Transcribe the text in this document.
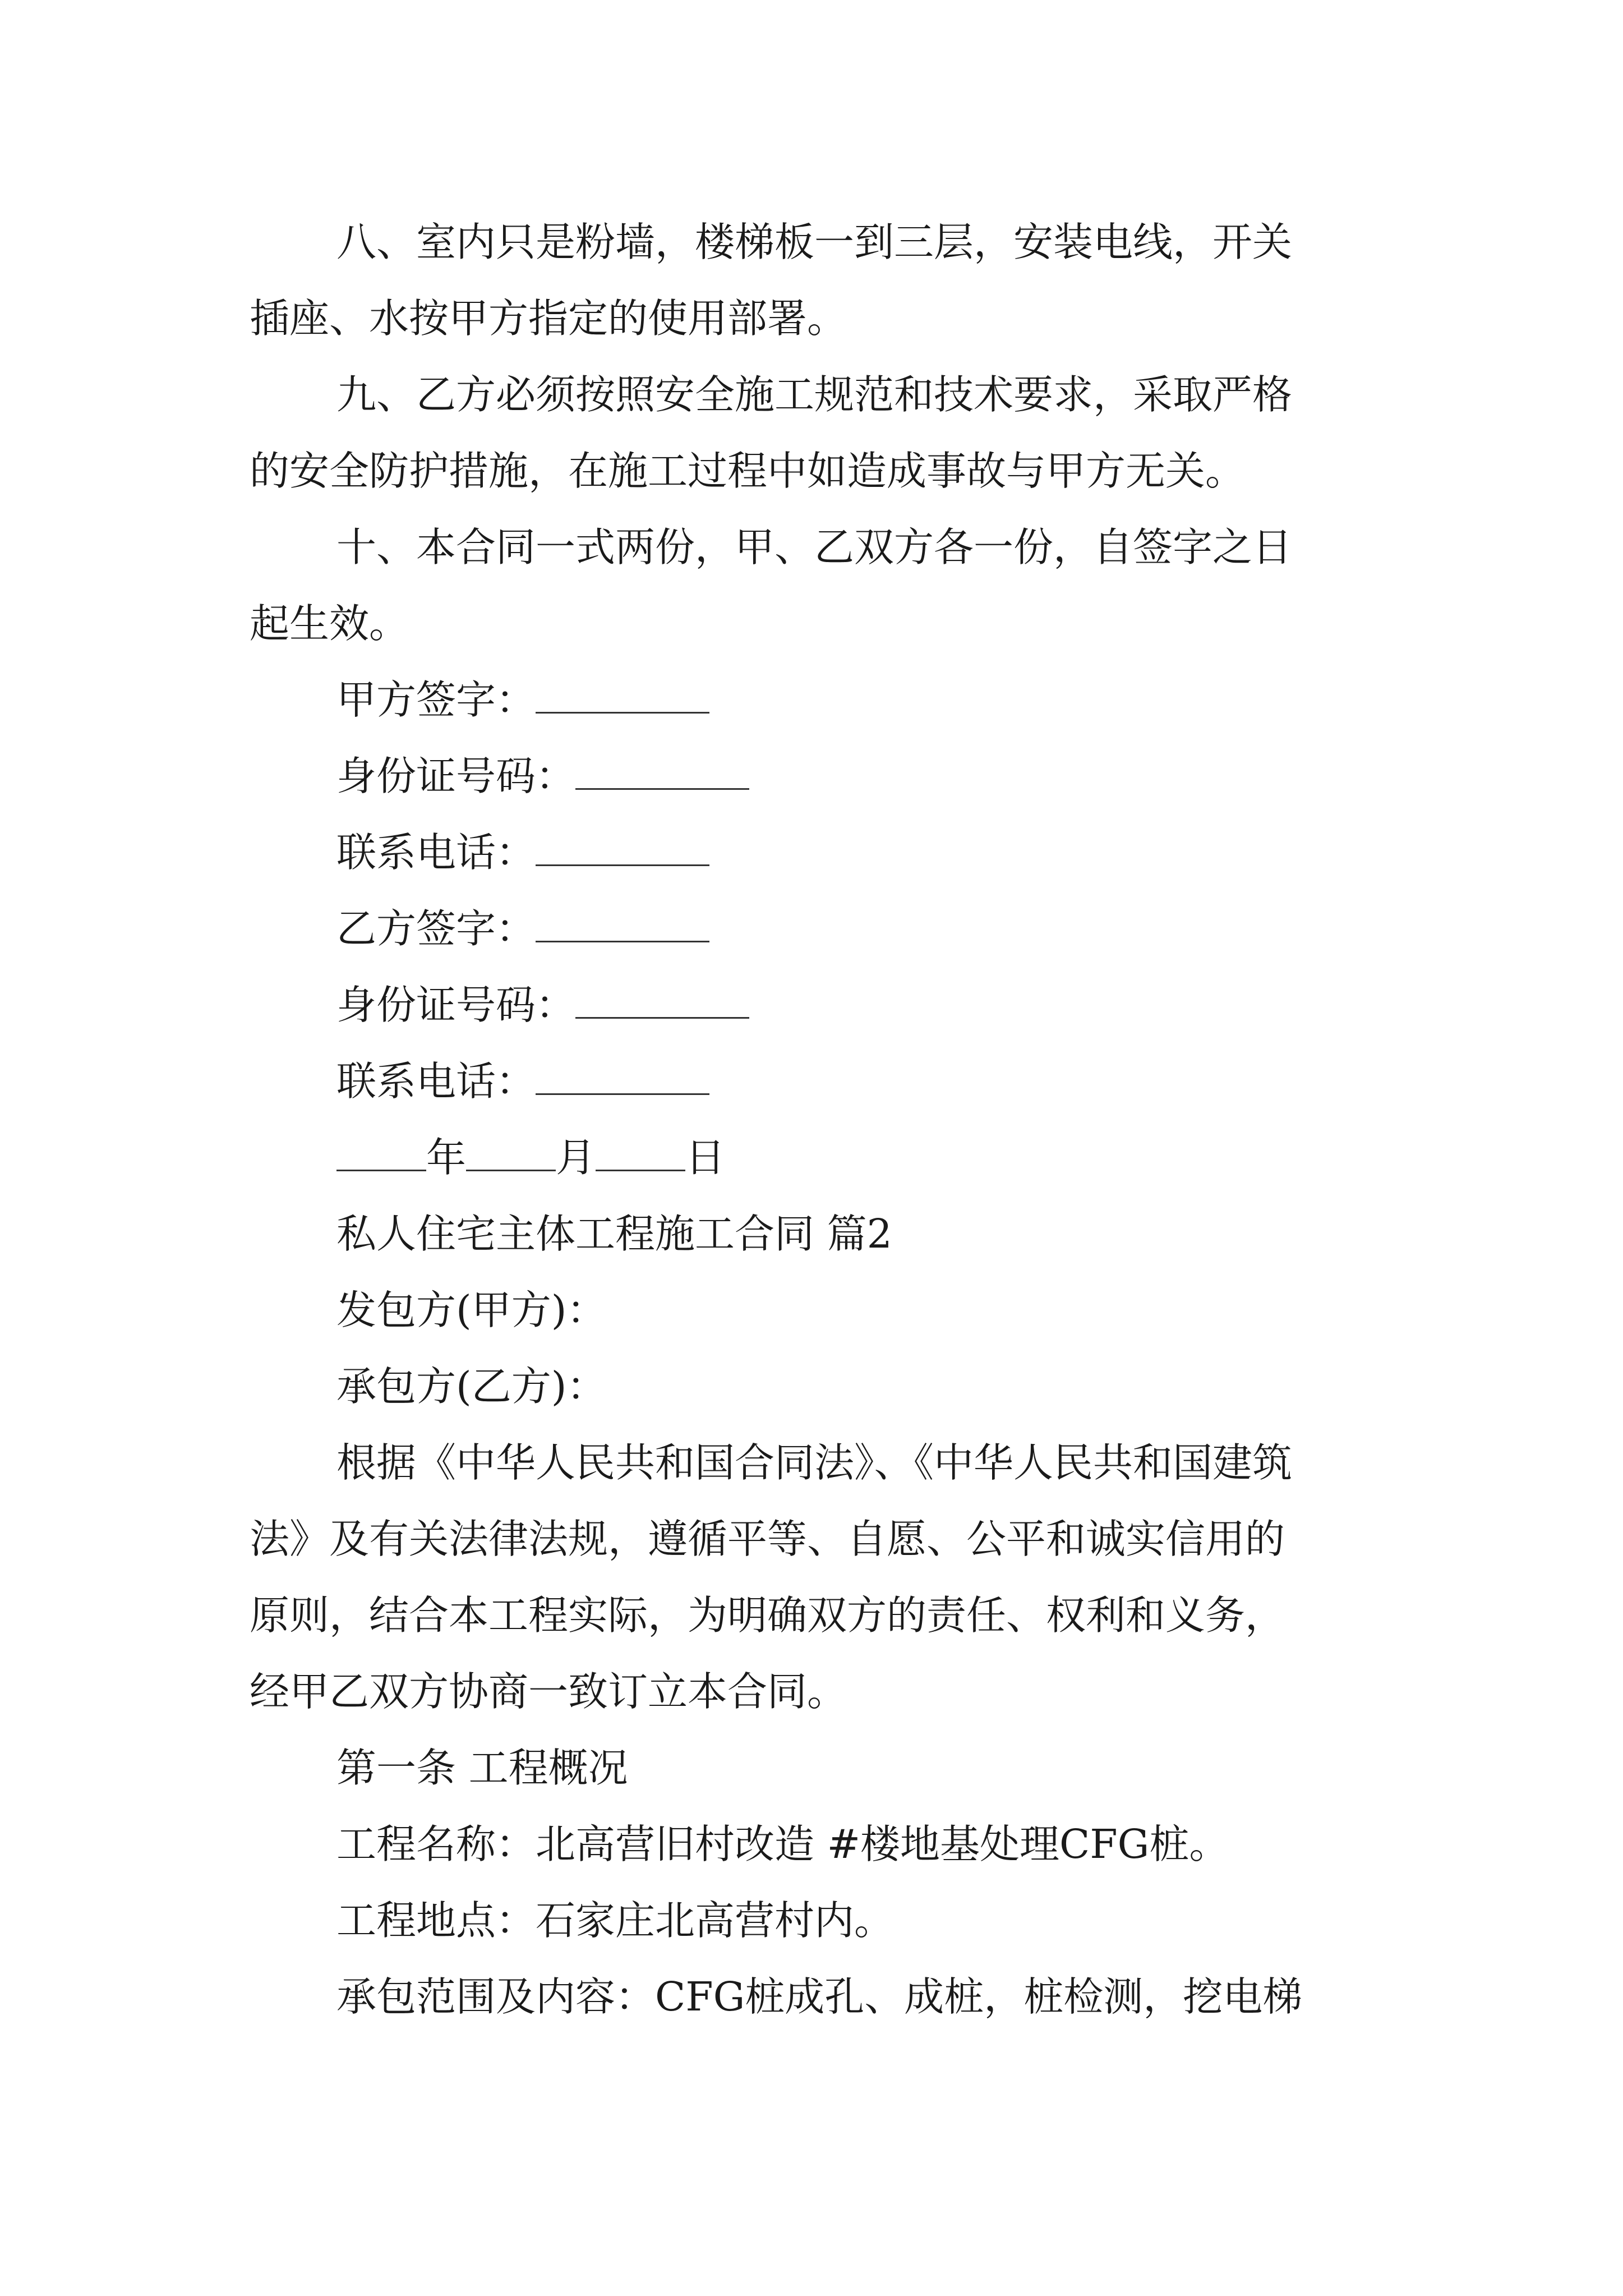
八、室内只是粉墙，楼梯板一到三层，安装电线，开关
插座、水按甲方指定的使用部署。
九、乙方必须按照安全施工规范和技术要求，采取严格
的安全防护措施，在施工过程中如造成事故与甲方无关。
十、本合同一式两份，甲、乙双方各一份，自签字之日
起生效。
甲方签字：
身份证号码：
联系电话：
乙方签字：
身份证号码：
联系电话：
年 月 日
私人住宅主体工程施工合同 篇2
发包方(甲方)：
承包方(乙方)：
根据《中华人民共和国合同法》、《中华人民共和国建筑
法》及有关法律法规，遵循平等、自愿、公平和诚实信用的
原则，结合本工程实际，为明确双方的责任、权利和义务，
经甲乙双方协商一致订立本合同。
第一条 工程概况
工程名称：北高营旧村改造 #楼地基处理CFG桩。
工程地点：石家庄北高营村内。
承包范围及内容：CFG桩成孔、成桩，桩检测，挖电梯
